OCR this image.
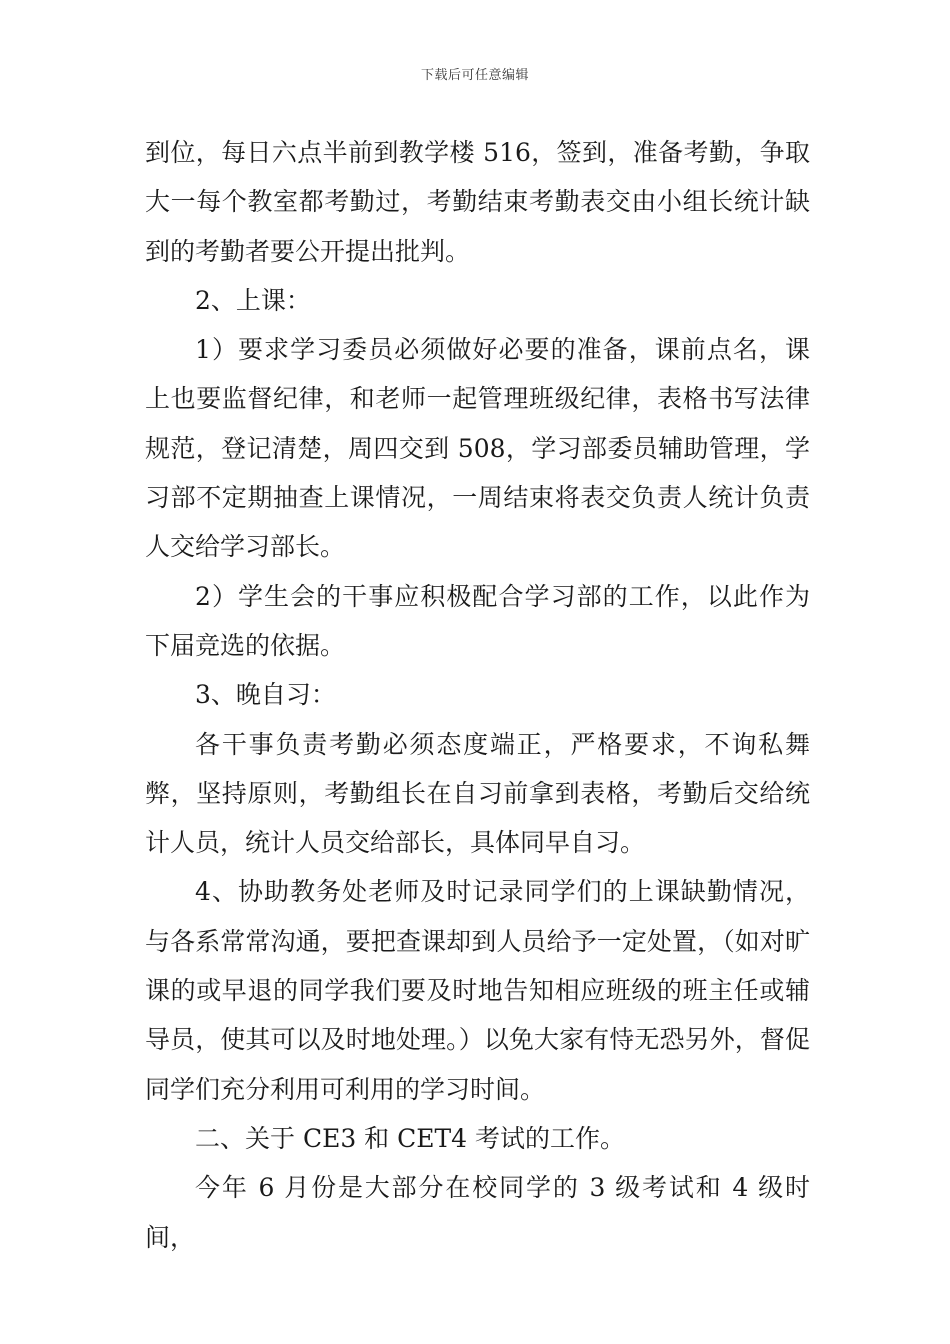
下载后可任意编辑

到位，每日六点半前到教学楼 516，签到，准备考勤，争取大一每个教室都考勤过，考勤结束考勤表交由小组长统计缺到的考勤者要公开提出批判。

2、上课：

1）要求学习委员必须做好必要的准备，课前点名，课上也要监督纪律，和老师一起管理班级纪律，表格书写法律规范，登记清楚，周四交到 508，学习部委员辅助管理，学习部不定期抽查上课情况，一周结束将表交负责人统计负责人交给学习部长。

2）学生会的干事应积极配合学习部的工作，以此作为下届竞选的依据。

3、晚自习：

各干事负责考勤必须态度端正，严格要求，不询私舞弊，坚持原则，考勤组长在自习前拿到表格，考勤后交给统计人员，统计人员交给部长，具体同早自习。

4、协助教务处老师及时记录同学们的上课缺勤情况，与各系常常沟通，要把查课却到人员给予一定处置，（如对旷课的或早退的同学我们要及时地告知相应班级的班主任或辅导员，使其可以及时地处理。）以免大家有恃无恐另外，督促同学们充分利用可利用的学习时间。

二、关于 CE3 和 CET4 考试的工作。

今年 6 月份是大部分在校同学的 3 级考试和 4 级时间，
